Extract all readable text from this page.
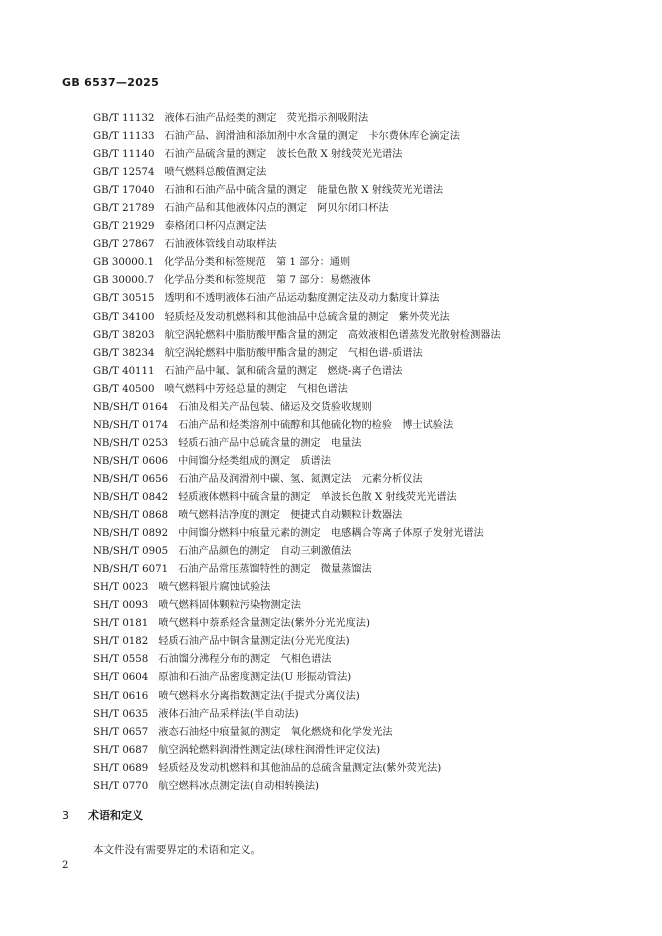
GB 6537—2025
GB/T 11132 液体石油产品烃类的测定　荧光指示剂吸附法
GB/T 11133 石油产品、润滑油和添加剂中水含量的测定　卡尔费休库仑滴定法
GB/T 11140 石油产品硫含量的测定　波长色散 X 射线荧光光谱法
GB/T 12574 喷气燃料总酸值测定法
GB/T 17040 石油和石油产品中硫含量的测定　能量色散 X 射线荧光光谱法
GB/T 21789 石油产品和其他液体闪点的测定　阿贝尔闭口杯法
GB/T 21929 泰格闭口杯闪点测定法
GB/T 27867 石油液体管线自动取样法
GB 30000.1 化学品分类和标签规范　第 1 部分：通则
GB 30000.7 化学品分类和标签规范　第 7 部分：易燃液体
GB/T 30515 透明和不透明液体石油产品运动黏度测定法及动力黏度计算法
GB/T 34100 轻质烃及发动机燃料和其他油品中总硫含量的测定　紫外荧光法
GB/T 38203 航空涡轮燃料中脂肪酸甲酯含量的测定　高效液相色谱蒸发光散射检测器法
GB/T 38234 航空涡轮燃料中脂肪酸甲酯含量的测定　气相色谱-质谱法
GB/T 40111 石油产品中氟、氯和硫含量的测定　燃烧-离子色谱法
GB/T 40500 喷气燃料中芳烃总量的测定　气相色谱法
NB/SH/T 0164 石油及相关产品包装、储运及交货验收规则
NB/SH/T 0174 石油产品和烃类溶剂中硫醇和其他硫化物的检验　博士试验法
NB/SH/T 0253 轻质石油产品中总硫含量的测定　电量法
NB/SH/T 0606 中间馏分烃类组成的测定　质谱法
NB/SH/T 0656 石油产品及润滑剂中碳、氢、氮测定法　元素分析仪法
NB/SH/T 0842 轻质液体燃料中硫含量的测定　单波长色散 X 射线荧光光谱法
NB/SH/T 0868 喷气燃料洁净度的测定　便捷式自动颗粒计数器法
NB/SH/T 0892 中间馏分燃料中痕量元素的测定　电感耦合等离子体原子发射光谱法
NB/SH/T 0905 石油产品颜色的测定　自动三刺激值法
NB/SH/T 6071 石油产品常压蒸馏特性的测定　微量蒸馏法
SH/T 0023 喷气燃料银片腐蚀试验法
SH/T 0093 喷气燃料固体颗粒污染物测定法
SH/T 0181 喷气燃料中萘系烃含量测定法(紫外分光光度法)
SH/T 0182 轻质石油产品中铜含量测定法(分光光度法)
SH/T 0558 石油馏分沸程分布的测定　气相色谱法
SH/T 0604 原油和石油产品密度测定法(U 形振动管法)
SH/T 0616 喷气燃料水分离指数测定法(手提式分离仪法)
SH/T 0635 液体石油产品采样法(半自动法)
SH/T 0657 液态石油烃中痕量氮的测定　氧化燃烧和化学发光法
SH/T 0687 航空涡轮燃料润滑性测定法(球柱润滑性评定仪法)
SH/T 0689 轻质烃及发动机燃料和其他油品的总硫含量测定法(紫外荧光法)
SH/T 0770 航空燃料冰点测定法(自动相转换法)
3 术语和定义
本文件没有需要界定的术语和定义。
2
